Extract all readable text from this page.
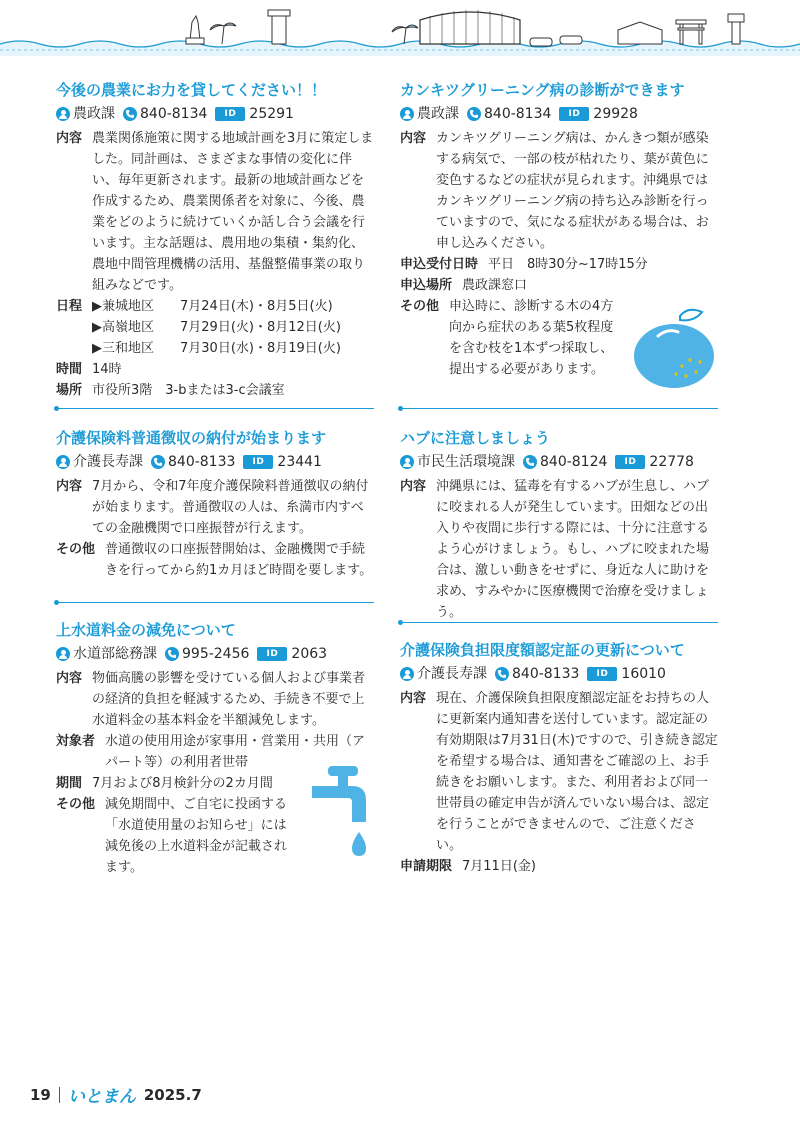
今後の農業にお力を貸してください！！
農政課 840-8134	ID 25291
内容 農業関係施策に関する地域計画を3月に策定しました。同計画は、さまざまな事情の変化に伴い、毎年更新されます。最新の地域計画などを作成するため、農業関係者を対象に、今後、農業をどのように続けていくか話し合う会議を行います。主な話題は、農用地の集積・集約化、農地中間管理機構の活用、基盤整備事業の取り組みなどです。
日程 ▶兼城地区 7月24日(木)・8月5日(火)
▶高嶺地区 7月29日(火)・8月12日(火)
▶三和地区 7月30日(水)・8月19日(火)
時間 14時
場所 市役所3階　3-bまたは3-c会議室
介護保険料普通徴収の納付が始まります
介護長寿課 840-8133	ID 23441
内容 7月から、令和7年度介護保険料普通徴収の納付が始まります。普通徴収の人は、糸満市内すべての金融機関で口座振替が行えます。
その他 普通徴収の口座振替開始は、金融機関で手続きを行ってから約1カ月ほど時間を要します。
上水道料金の減免について
水道部総務課 995-2456	ID 2063
内容 物価高騰の影響を受けている個人および事業者の経済的負担を軽減するため、手続き不要で上水道料金の基本料金を半額減免します。
対象者 水道の使用用途が家事用・営業用・共用（アパート等）の利用者世帯
期間 7月および8月検針分の2カ月間
その他 減免期間中、ご自宅に投函する「水道使用量のお知らせ」には減免後の上水道料金が記載されます。
カンキツグリーニング病の診断ができます
農政課 840-8134	ID 29928
内容 カンキツグリーニング病は、かんきつ類が感染する病気で、一部の枝が枯れたり、葉が黄色に変色するなどの症状が見られます。沖縄県ではカンキツグリーニング病の持ち込み診断を行っていますので、気になる症状がある場合は、お申し込みください。
申込受付日時 平日　8時30分~17時15分
申込場所 農政課窓口
その他 申込時に、診断する木の4方向から症状のある葉5枚程度を含む枝を1本ずつ採取し、提出する必要があります。
ハブに注意しましょう
市民生活環境課 840-8124	ID 22778
内容 沖縄県には、猛毒を有するハブが生息し、ハブに咬まれる人が発生しています。田畑などの出入りや夜間に歩行する際には、十分に注意するよう心がけましょう。もし、ハブに咬まれた場合は、激しい動きをせずに、身近な人に助けを求め、すみやかに医療機関で治療を受けましょう。
介護保険負担限度額認定証の更新について
介護長寿課 840-8133	ID 16010
内容 現在、介護保険負担限度額認定証をお持ちの人に更新案内通知書を送付しています。認定証の有効期限は7月31日(木)ですので、引き続き認定を希望する場合は、通知書をご確認の上、お手続きをお願いします。また、利用者および同一世帯員の確定申告が済んでいない場合は、認定を行うことができませんので、ご注意ください。
申請期限 7月11日(金)
19 いとまん 2025.7
